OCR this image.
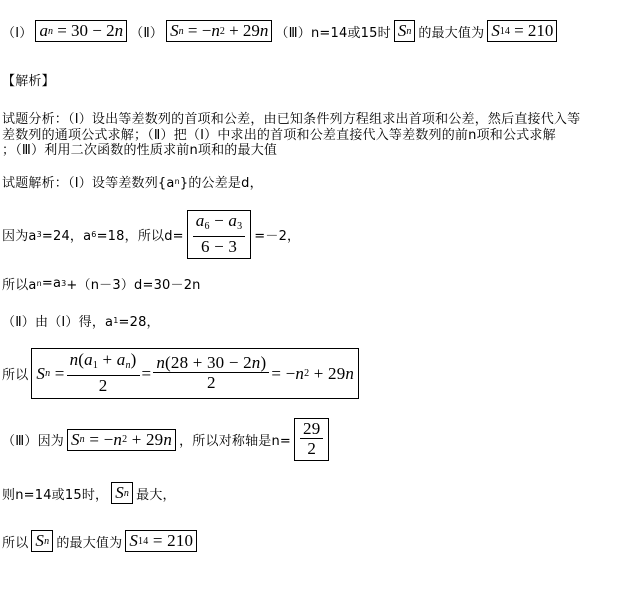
（Ⅰ） a n
=
30
−
2 n （Ⅱ） S n
=
− n 2
+
29 n （Ⅲ） n=14或15时 S n 的最大值为 S 14
=
210
【解析】
试题分析：（Ⅰ）设出等差数列的首项和公差，由已知条件列方程组求出首项和公差，然后直接代入等
差数列的通项公式求解；（Ⅱ）把（Ⅰ）中求出的首项和公差直接代入等差数列的前n项和公式求解
；（Ⅲ）利用二次函数的性质求前n项和的最大值
试题解析：（Ⅰ）设等差数列{a n }的公差是d，
因为a 3 =24，a 6 =18，所以$d= \frac{a_6 - a_3}{6 - 3} =-2$，
所以a n =a 3 +（n－3）d=30－2n
（Ⅱ）由（Ⅰ）得，a 1 =28，
所以 S n
= $\frac{n(a_1 + a_n)}{2} = \frac{n(28 + 30 - 2n)}{2}$ =
− n 2
+
29 n
（Ⅲ）因为 S n
=
− n 2
+
29 n ，所以对称轴是$n= \frac{29}{2}$
则n=14或15时， S n 最大，
所以 S n 的最大值为 S 14
=
210
